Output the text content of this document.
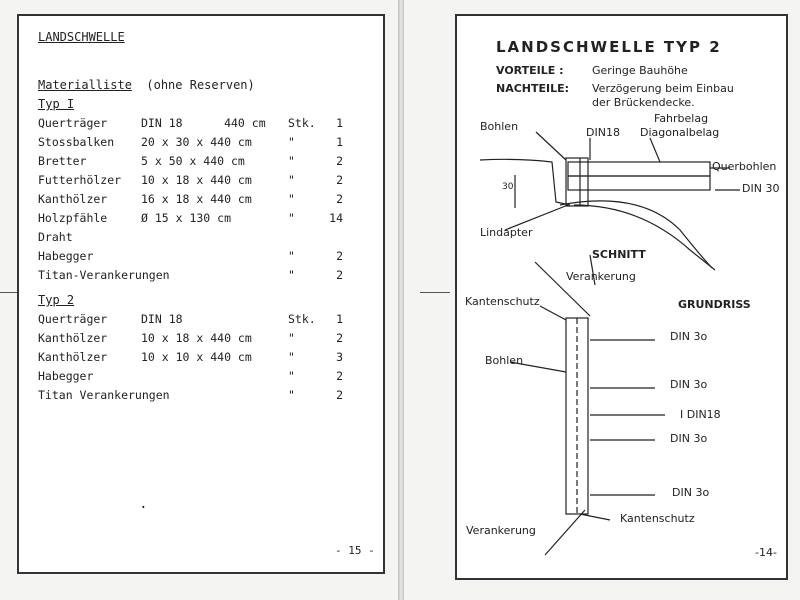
LANDSCHWELLE
Materialliste (ohne Reserven)
Typ I
Querträger	DIN 18      440 cm Stk.	1
Stossbalken 20 x 30 x 440 cm	"	1
Bretter	5 x 50 x 440 cm	"	2
Futterhölzer 10 x 18 x 440 cm	"	2
Kanthölzer	16 x 18 x 440 cm	"	2
Holzpfähle	Ø 15 x 130 cm	"	14
Draht
Habegger	"	2
Titan-Verankerungen	"	2
Typ 2
Querträger	DIN 18	Stk.	1
Kanthölzer	10 x 18 x 440 cm	"	2
Kanthölzer	10 x 10 x 440 cm	"	3
Habegger	"	2
Titan Verankerungen	"	2
·
- 15 -
LANDSCHWELLE TYP 2
VORTEILE :	Geringe Bauhöhe
NACHTEILE: Verzögerung beim Einbau
der Brückendecke.
Bohlen	DIN18
Fahrbelag
Diagonalbelag
Querbohlen
DIN 30
30
Lindapter
SCHNITT
Verankerung
Kantenschutz	GRUNDRISS
Bohlen
DIN 3o
DIN 3o
I DIN18
DIN 3o
DIN 3o
Verankerung
Kantenschutz
-14-
